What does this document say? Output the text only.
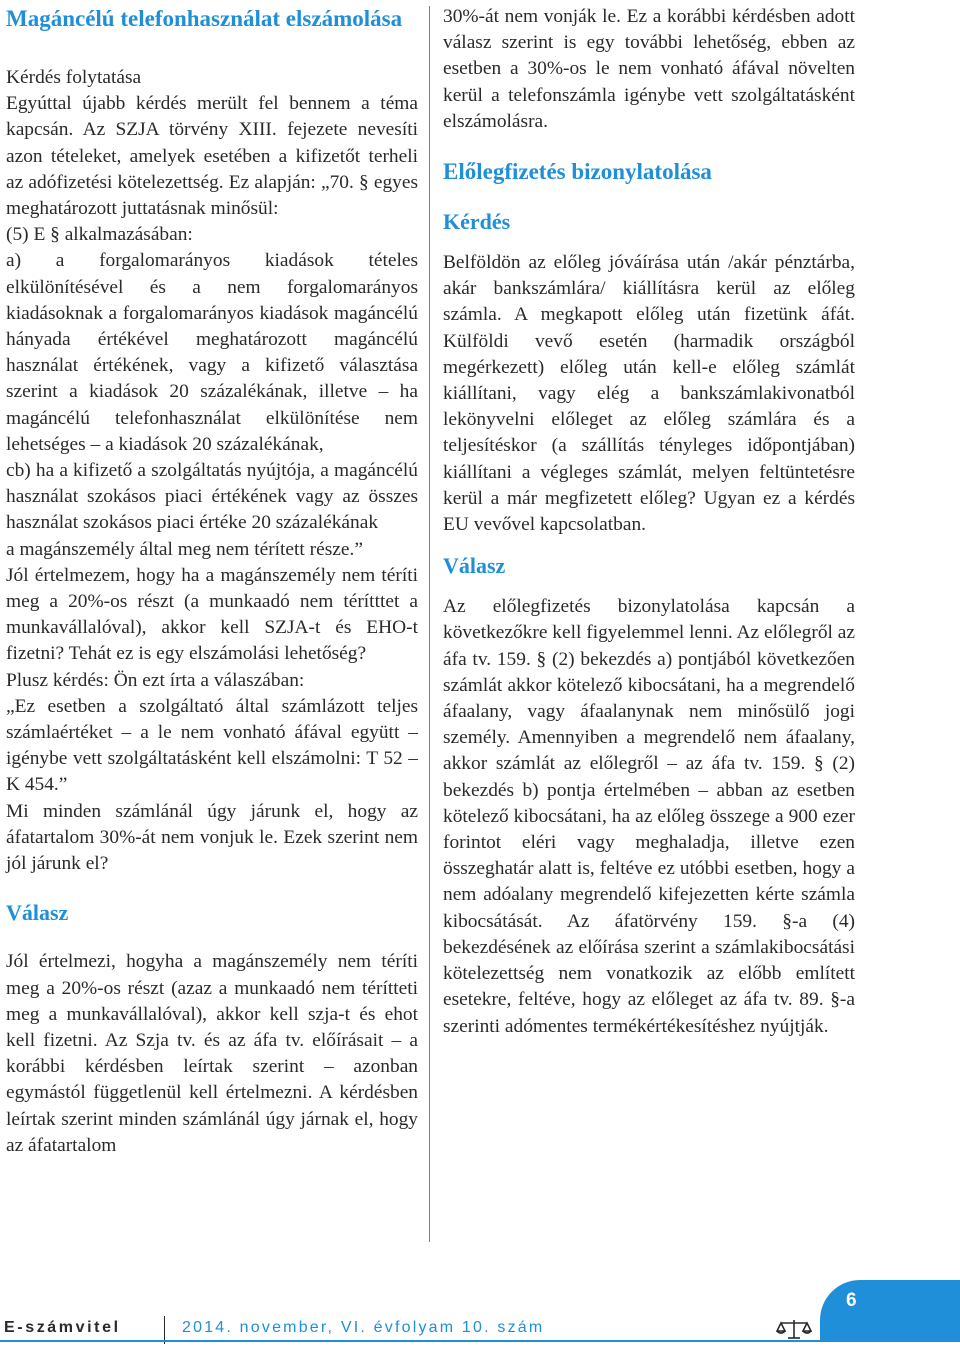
Magáncélú telefonhasználat elszámolása

Kérdés folytatása

Egyúttal újabb kérdés merült fel bennem a téma kapcsán. Az SZJA törvény XIII. fejezete nevesíti azon tételeket, amelyek esetében a kifizetőt terheli az adófizetési kötelezettség. Ez alapján: „70. § egyes meghatározott juttatásnak minősül:

(5) E § alkalmazásában:

a) a forgalomarányos kiadások tételes elkülönítésével és a nem forgalomarányos kiadásoknak a forgalomarányos kiadások magáncélú hányada értékével meghatározott magáncélú használat értékének, vagy a kifizető választása szerint a kiadások 20 százalékának, illetve – ha magáncélú telefonhasználat elkülönítése nem lehetséges – a kiadások 20 százalékának,

cb) ha a kifizető a szolgáltatás nyújtója, a magáncélú használat szokásos piaci értékének vagy az összes használat szokásos piaci értéke 20 százalékának

a magánszemély által meg nem térített része.”

Jól értelmezem, hogy ha a magánszemély nem téríti meg a 20%-os részt (a munkaadó nem térítttet a munkavállalóval), akkor kell SZJA-t és EHO-t fizetni? Tehát ez is egy elszámolási lehetőség?

Plusz kérdés: Ön ezt írta a válaszában:

„Ez esetben a szolgáltató által számlázott teljes számlaértéket – a le nem vonható áfával együtt – igénybe vett szolgáltatásként kell elszámolni: T 52 – K 454.”

Mi minden számlánál úgy járunk el, hogy az áfatartalom 30%-át nem vonjuk le. Ezek szerint nem jól járunk el?

Válasz

Jól értelmezi, hogyha a magánszemély nem téríti meg a 20%-os részt (azaz a munkaadó nem térítteti meg a munkavállalóval), akkor kell szja-t és ehot kell fizetni. Az Szja tv. és az áfa tv. előírásait – a korábbi kérdésben leírtak szerint – azonban egymástól függetlenül kell értelmezni. A kérdésben leírtak szerint minden számlánál úgy járnak el, hogy az áfatartalom

30%-át nem vonják le. Ez a korábbi kérdésben adott válasz szerint is egy további lehetőség, ebben az esetben a 30%-os le nem vonható áfával növelten kerül a telefonszámla igénybe vett szolgáltatásként elszámolásra.

Előlegfizetés bizonylatolása
Kérdés

Belföldön az előleg jóváírása után /akár pénztárba, akár bankszámlára/ kiállításra kerül az előleg számla. A megkapott előleg után fizetünk áfát. Külföldi vevő esetén (harmadik országból megérkezett) előleg után kell-e előleg számlát kiállítani, vagy elég a bankszámlakivonatból lekönyvelni előleget az előleg számlára és a teljesítéskor (a szállítás tényleges időpontjában) kiállítani a végleges számlát, melyen feltüntetésre kerül a már megfizetett előleg? Ugyan ez a kérdés EU vevővel kapcsolatban.

Válasz

Az előlegfizetés bizonylatolása kapcsán a következőkre kell figyelemmel lenni. Az előlegről az áfa tv. 159. § (2) bekezdés a) pontjából következően számlát akkor kötelező kibocsátani, ha a megrendelő áfaalany, vagy áfaalanynak nem minősülő jogi személy. Amennyiben a megrendelő nem áfaalany, akkor számlát az előlegről – az áfa tv. 159. § (2) bekezdés b) pontja értelmében – abban az esetben kötelező kibocsátani, ha az előleg összege a 900 ezer forintot eléri vagy meghaladja, illetve ezen összeghatár alatt is, feltéve ez utóbbi esetben, hogy a nem adóalany megrendelő kifejezetten kérte számla kibocsátását. Az áfatörvény 159. §-a (4) bekezdésének az előírása szerint a számlakibocsátási kötelezettség nem vonatkozik az előbb említett esetekre, feltéve, hogy az előleget az áfa tv. 89. §-a szerinti adómentes termékértékesítéshez nyújtják.

6
E-számvitel	2014. november, VI. évfolyam 10. szám
